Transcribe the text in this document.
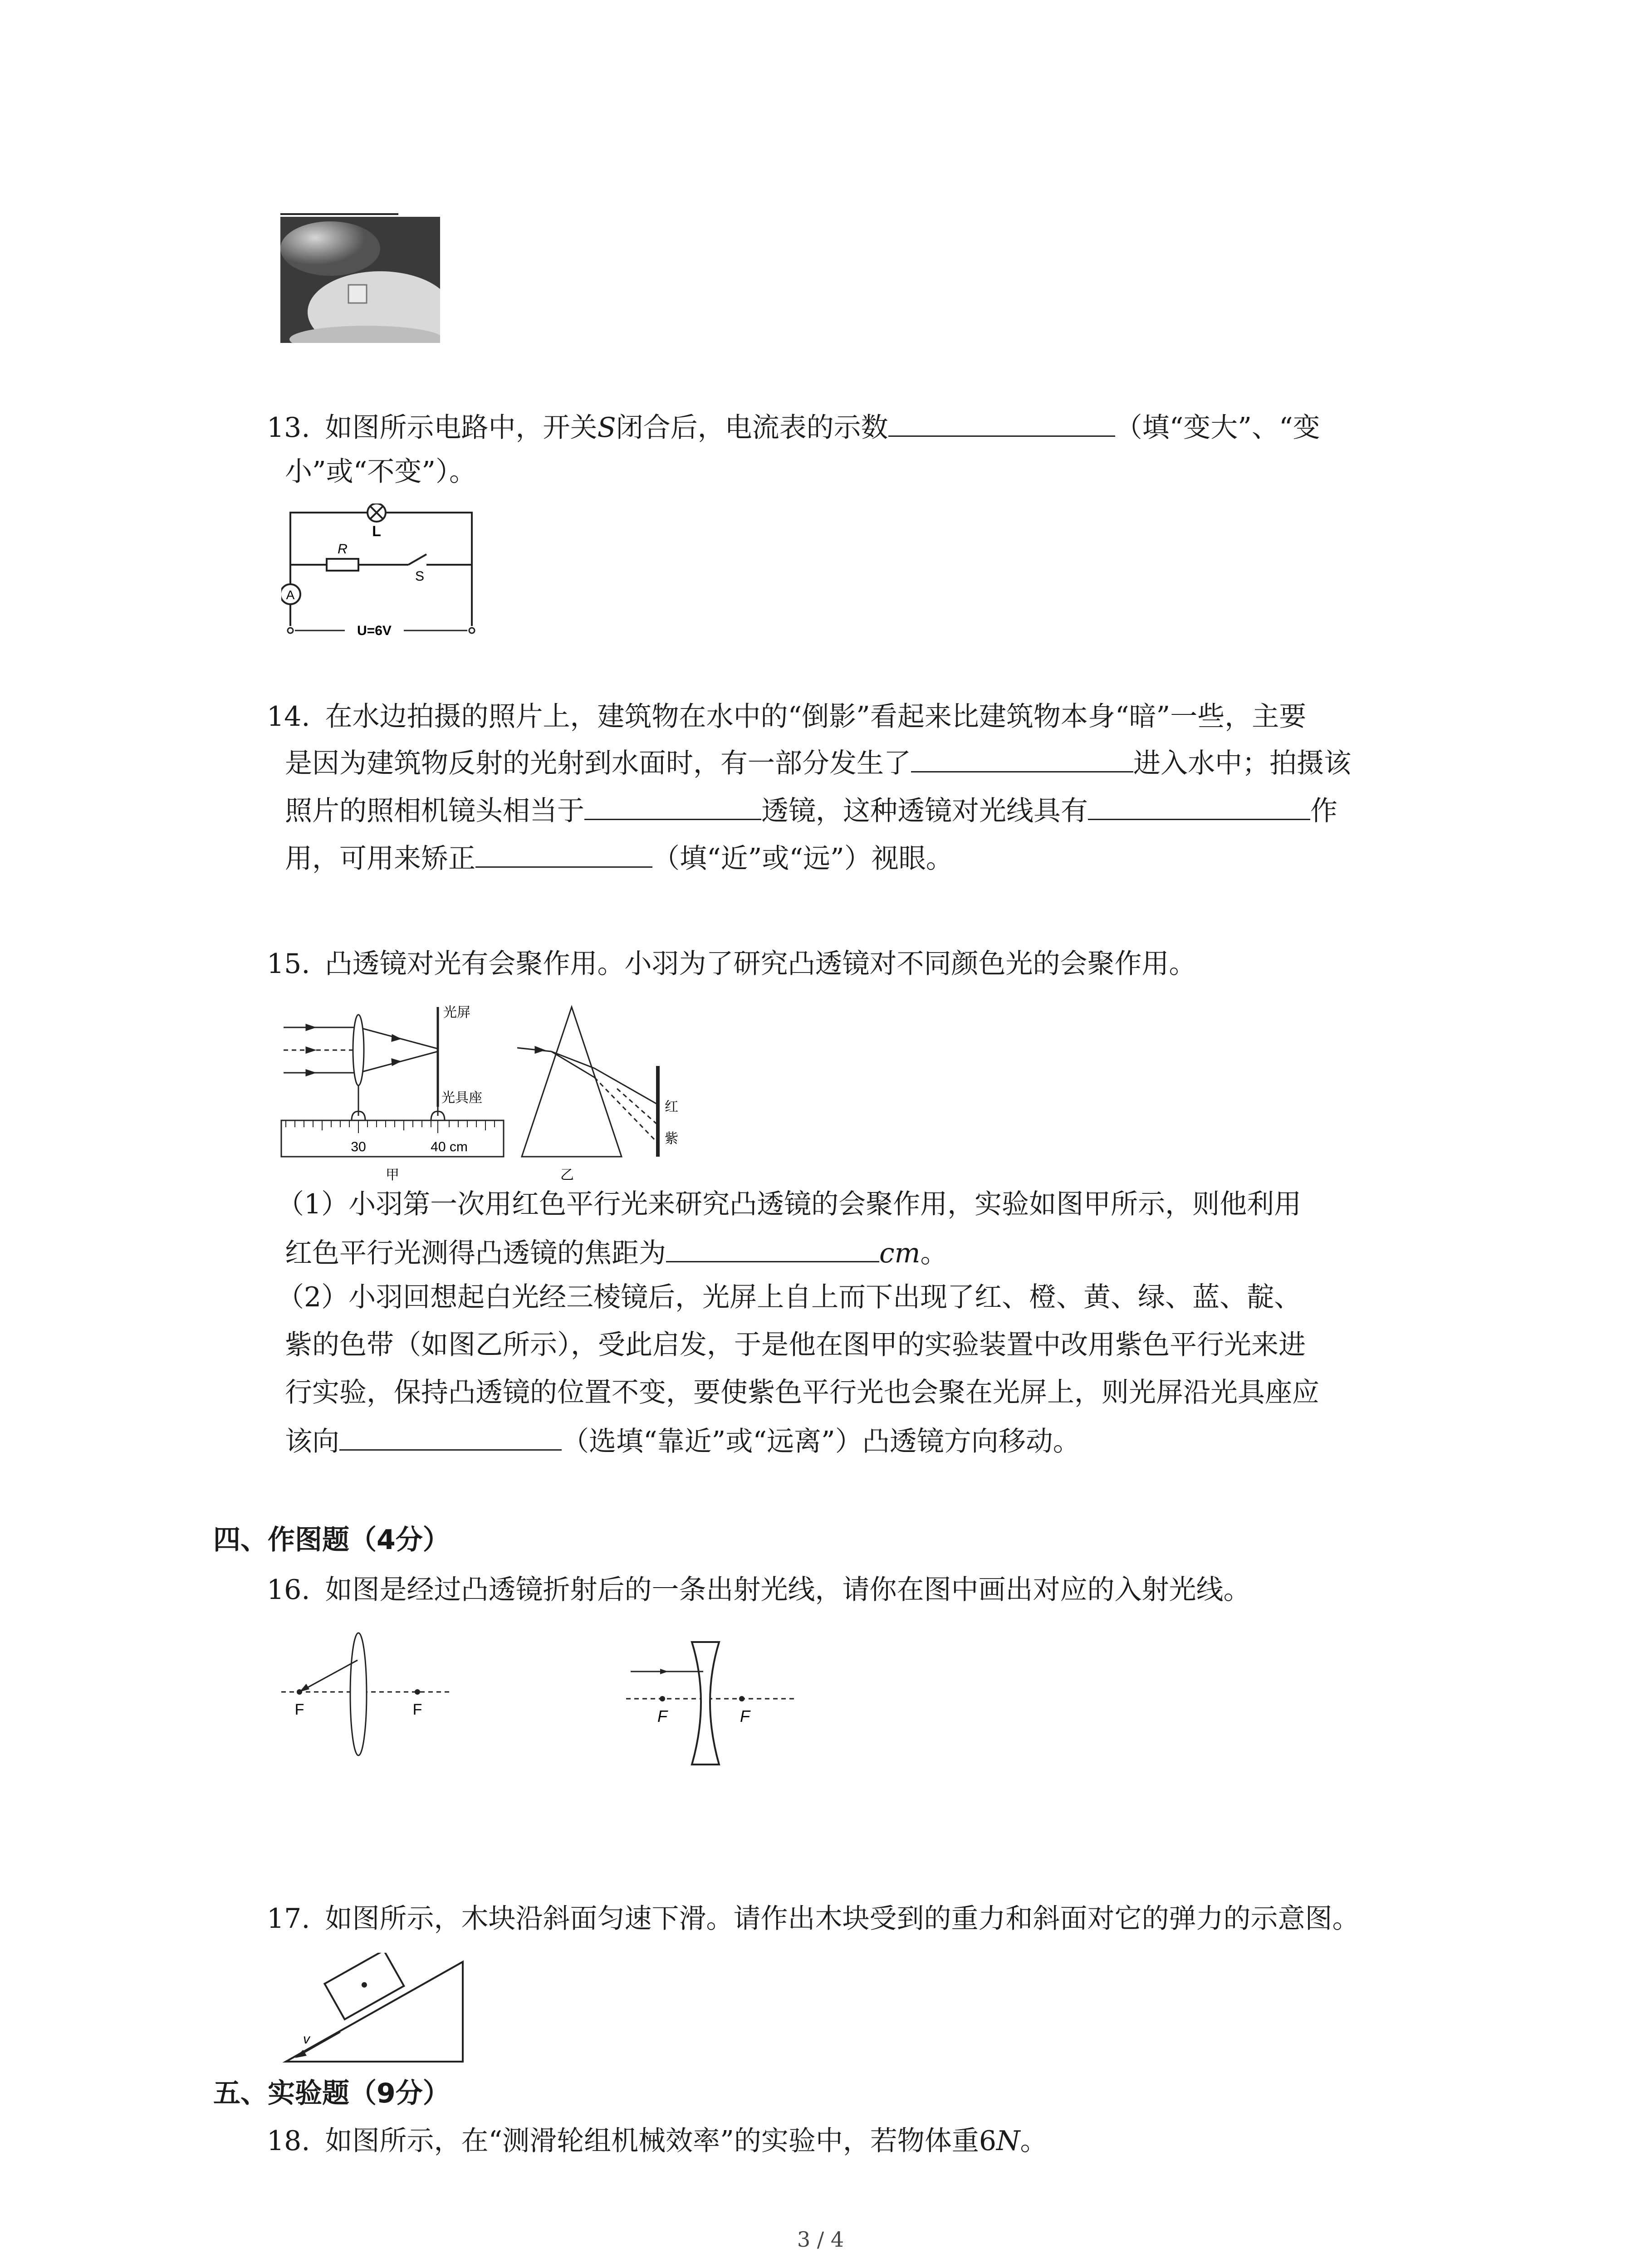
13. 如图所示电路中，开关S闭合后，电流表的示数	（填“变大”、“变
小”或“不变”）。
L
R
S
A
U=6V
14. 在水边拍摄的照片上，建筑物在水中的“倒影”看起来比建筑物本身“暗”一些，主要
是因为建筑物反射的光射到水面时，有一部分发生了	进入水中；拍摄该
照片的照相机镜头相当于	透镜，这种透镜对光线具有	作
用，可用来矫正	（填“近”或“远”）视眼。
15. 凸透镜对光有会聚作用。小羽为了研究凸透镜对不同颜色光的会聚作用。
光屏
光具座
30	40 cm
甲
红
紫
乙
（1）小羽第一次用红色平行光来研究凸透镜的会聚作用，实验如图甲所示，则他利用
红色平行光测得凸透镜的焦距为	cm。
（2）小羽回想起白光经三棱镜后，光屏上自上而下出现了红、橙、黄、绿、蓝、靛、
紫的色带（如图乙所示），受此启发，于是他在图甲的实验装置中改用紫色平行光来进
行实验，保持凸透镜的位置不变，要使紫色平行光也会聚在光屏上，则光屏沿光具座应
该向	（选填“靠近”或“远离”）凸透镜方向移动。
四、作图题（4分）
16. 如图是经过凸透镜折射后的一条出射光线，请你在图中画出对应的入射光线。
F	F	F	F
17. 如图所示，木块沿斜面匀速下滑。请作出木块受到的重力和斜面对它的弹力的示意图。
v
五、实验题（9分）
18. 如图所示，在“测滑轮组机械效率”的实验中，若物体重6N。
3 / 4
